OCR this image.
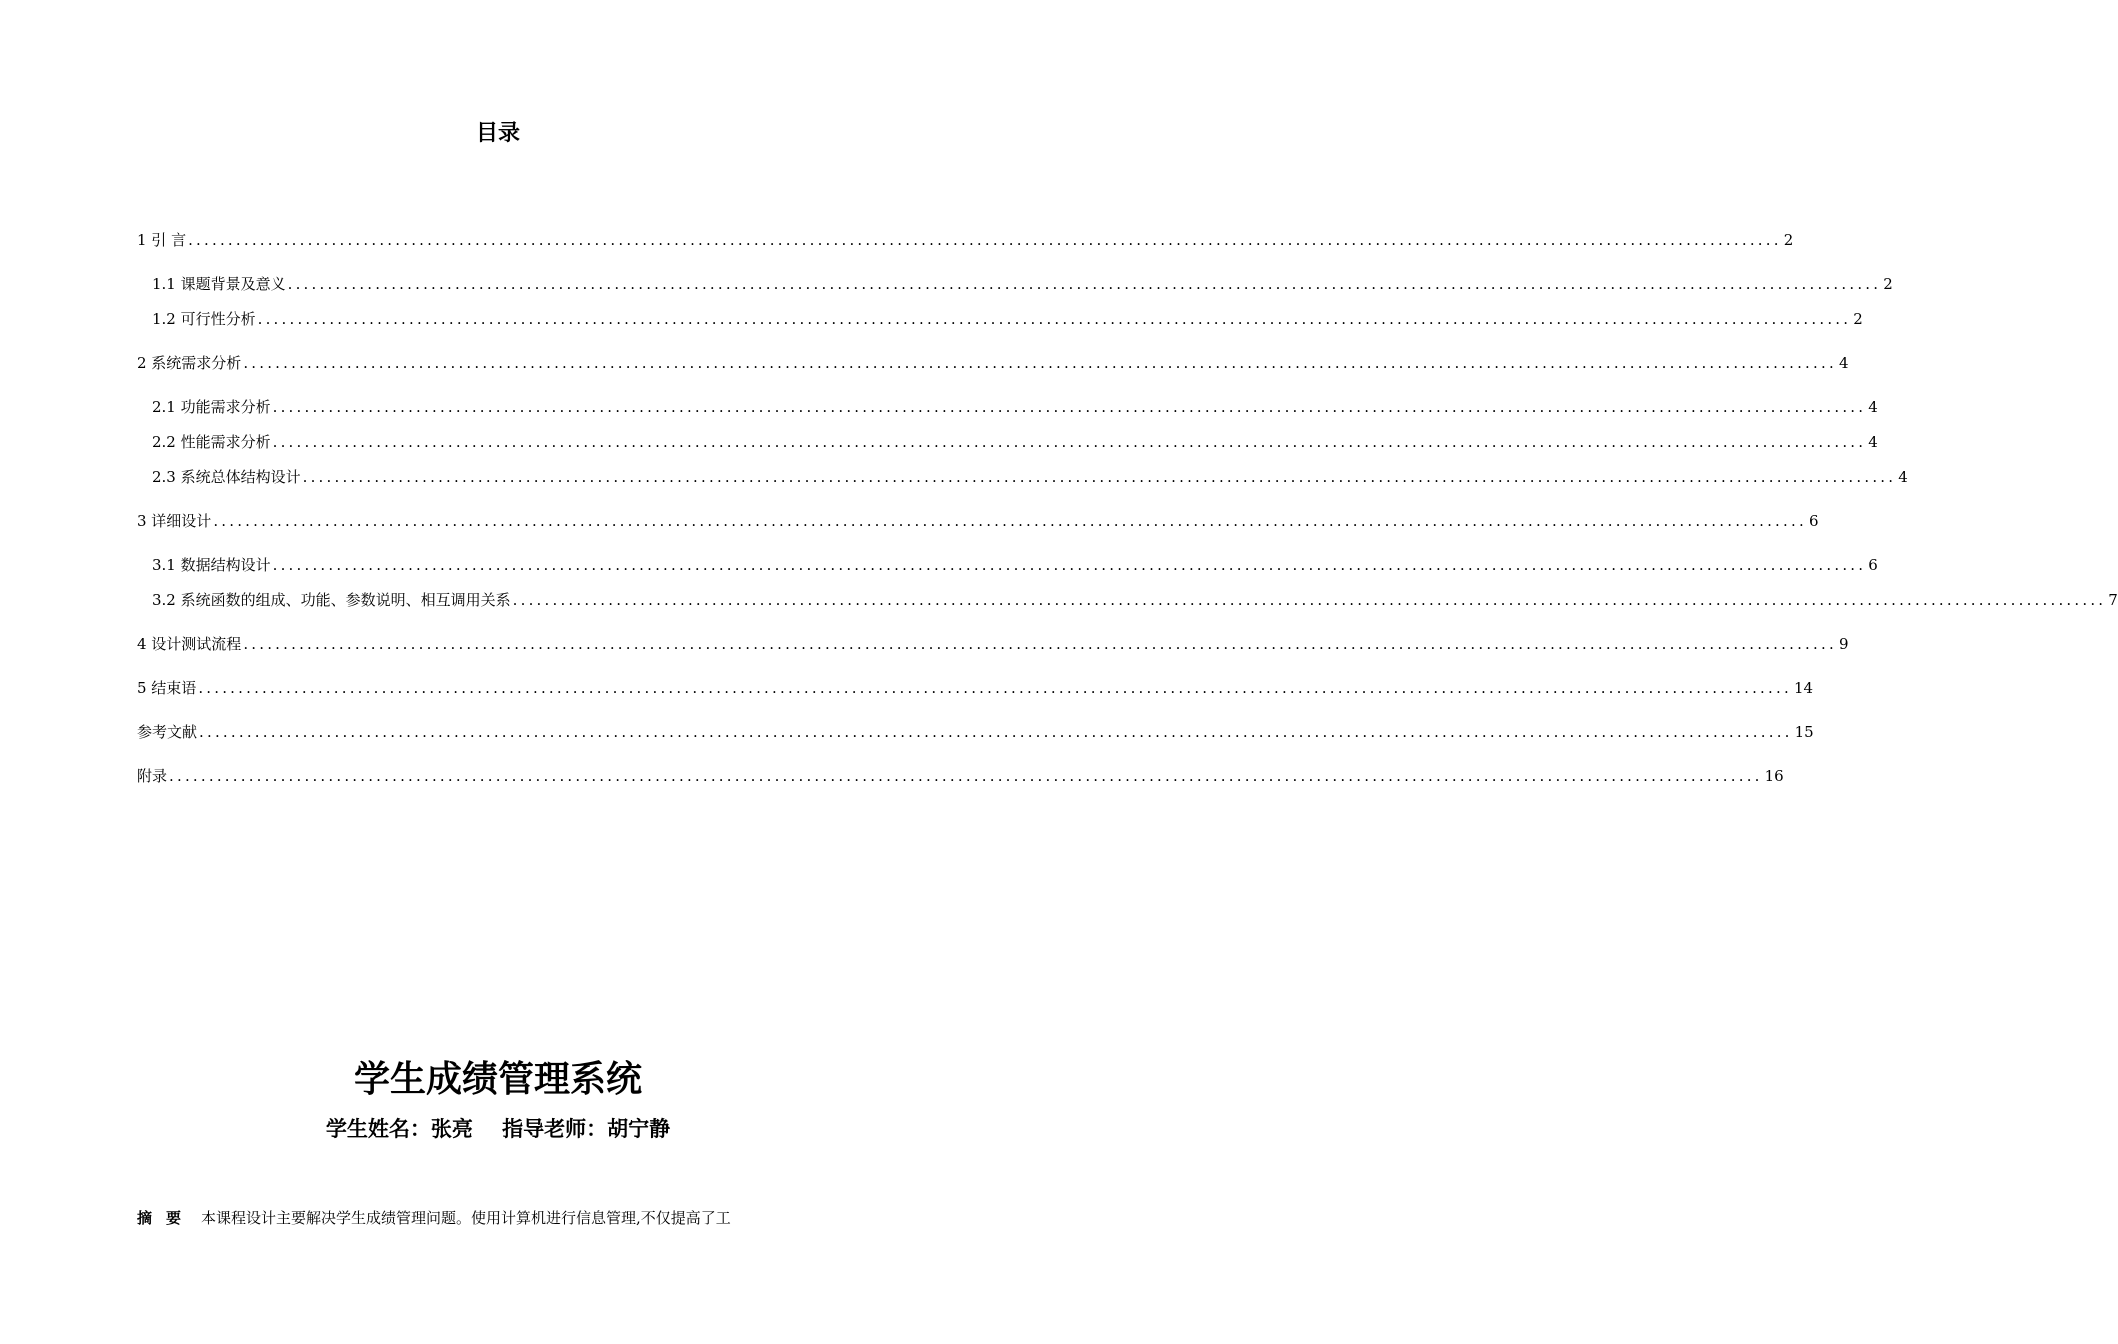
目录
1 引 言 ........................................................................................................................................................................................................ 2
1.1 课题背景及意义 ........................................................................................................................................................................................................ 2
1.2 可行性分析 ........................................................................................................................................................................................................ 2
2 系统需求分析 ........................................................................................................................................................................................................ 4
2.1 功能需求分析 ........................................................................................................................................................................................................ 4
2.2 性能需求分析 ........................................................................................................................................................................................................ 4
2.3 系统总体结构设计 ........................................................................................................................................................................................................ 4
3 详细设计 ........................................................................................................................................................................................................ 6
3.1 数据结构设计 ........................................................................................................................................................................................................ 6
3.2 系统函数的组成、功能、参数说明、相互调用关系 ........................................................................................................................................................................................................ 7
4 设计测试流程 ........................................................................................................................................................................................................ 9
5 结束语 ........................................................................................................................................................................................................ 14
参考文献 ........................................................................................................................................................................................................ 15
附录 ........................................................................................................................................................................................................ 16
学生成绩管理系统
学生姓名：张亮    指导老师：胡宁静
摘要 本课程设计主要解决学生成绩管理问题。使用计算机进行信息管理,不仅提高了工
